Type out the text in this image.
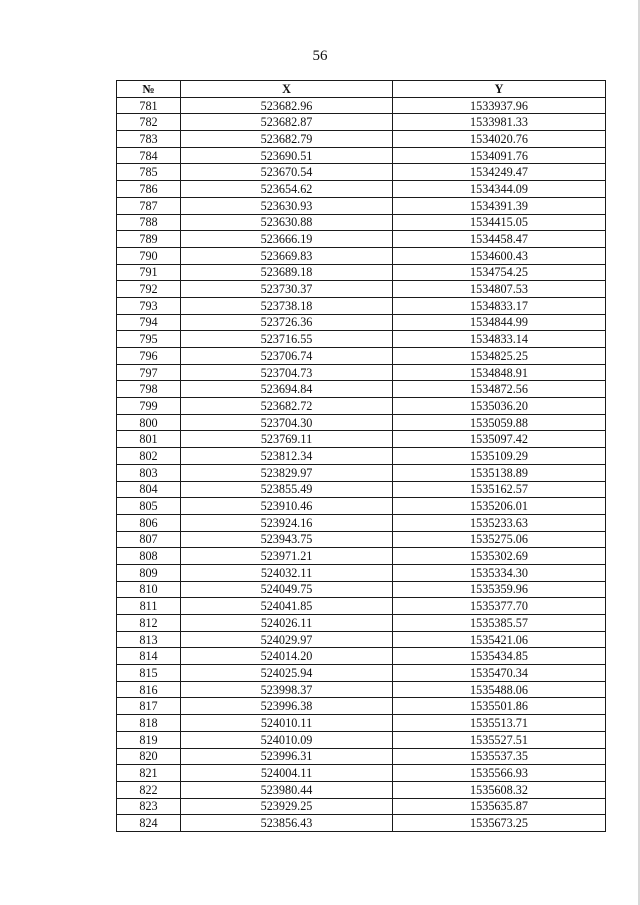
56
№	X	Y
781	523682.96	1533937.96
782	523682.87	1533981.33
783	523682.79	1534020.76
784	523690.51	1534091.76
785	523670.54	1534249.47
786	523654.62	1534344.09
787	523630.93	1534391.39
788	523630.88	1534415.05
789	523666.19	1534458.47
790	523669.83	1534600.43
791	523689.18	1534754.25
792	523730.37	1534807.53
793	523738.18	1534833.17
794	523726.36	1534844.99
795	523716.55	1534833.14
796	523706.74	1534825.25
797	523704.73	1534848.91
798	523694.84	1534872.56
799	523682.72	1535036.20
800	523704.30	1535059.88
801	523769.11	1535097.42
802	523812.34	1535109.29
803	523829.97	1535138.89
804	523855.49	1535162.57
805	523910.46	1535206.01
806	523924.16	1535233.63
807	523943.75	1535275.06
808	523971.21	1535302.69
809	524032.11	1535334.30
810	524049.75	1535359.96
811	524041.85	1535377.70
812	524026.11	1535385.57
813	524029.97	1535421.06
814	524014.20	1535434.85
815	524025.94	1535470.34
816	523998.37	1535488.06
817	523996.38	1535501.86
818	524010.11	1535513.71
819	524010.09	1535527.51
820	523996.31	1535537.35
821	524004.11	1535566.93
822	523980.44	1535608.32
823	523929.25	1535635.87
824	523856.43	1535673.25
